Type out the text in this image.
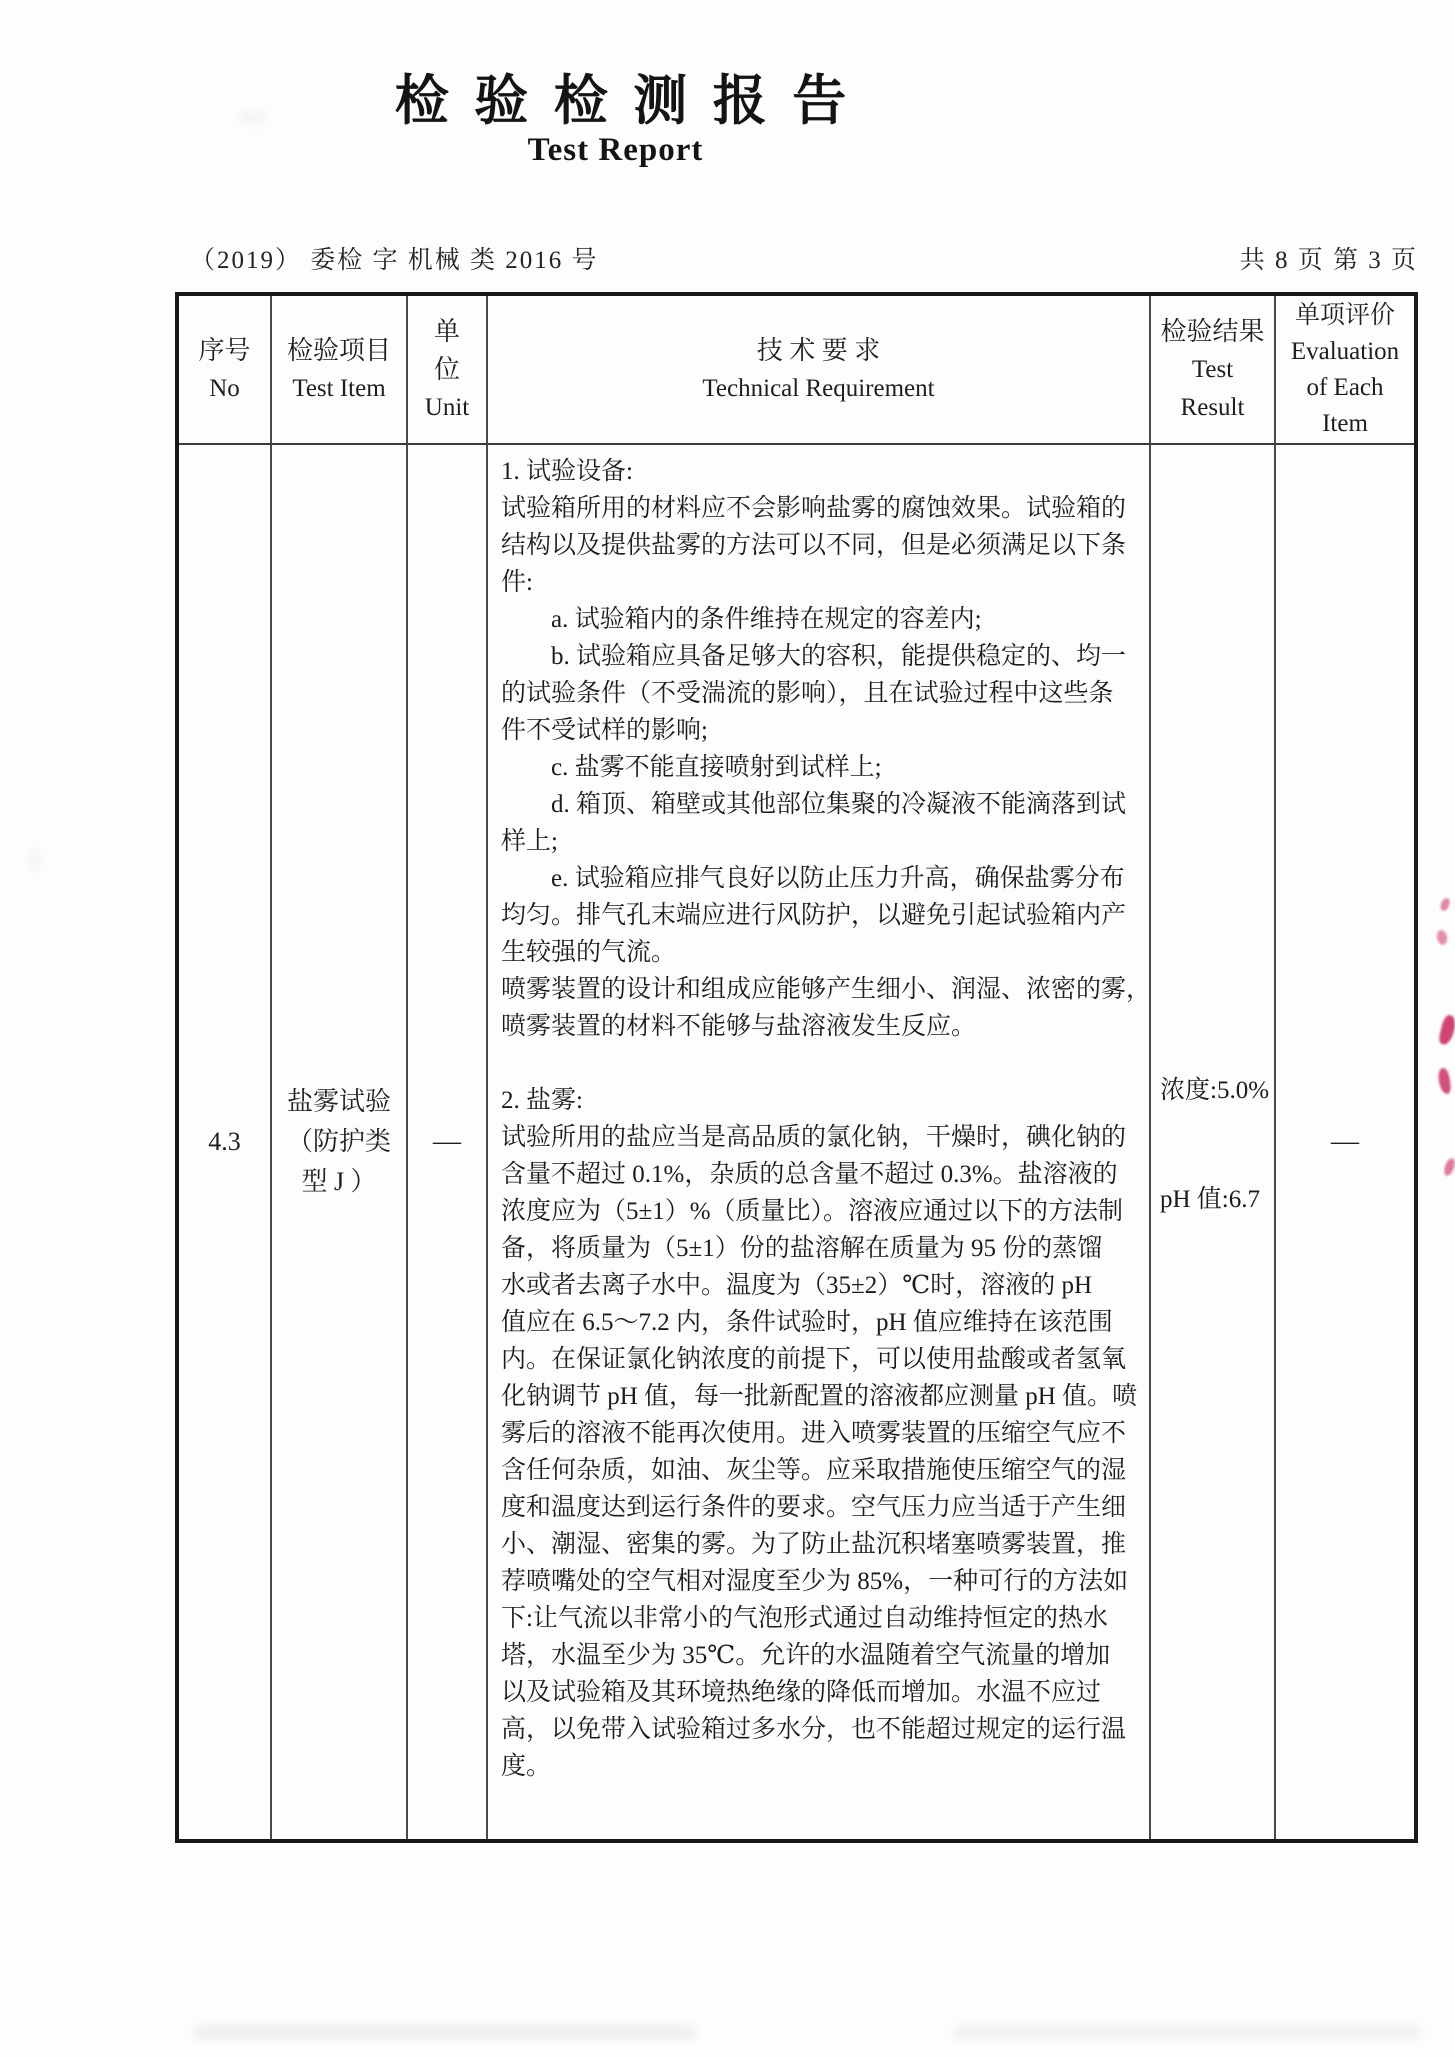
检 验 检 测 报 告
Test Report
（2019） 委检 字 机械 类 2016 号	共 8 页 第 3 页
序号
No
检验项目
Test Item
单
位
Unit
技 术 要 求
Technical Requirement
检验结果
Test
Result
单项评价
Evaluation
of Each
Item
4.3
盐雾试验
（防护类
型 J ）
—
1. 试验设备:
试验箱所用的材料应不会影响盐雾的腐蚀效果。试验箱的
结构以及提供盐雾的方法可以不同，但是必须满足以下条
件:
　　a. 试验箱内的条件维持在规定的容差内;
　　b. 试验箱应具备足够大的容积，能提供稳定的、均一
的试验条件（不受湍流的影响），且在试验过程中这些条
件不受试样的影响;
　　c. 盐雾不能直接喷射到试样上;
　　d. 箱顶、箱壁或其他部位集聚的冷凝液不能滴落到试
样上;
　　e. 试验箱应排气良好以防止压力升高，确保盐雾分布
均匀。排气孔末端应进行风防护，以避免引起试验箱内产
生较强的气流。
喷雾装置的设计和组成应能够产生细小、润湿、浓密的雾，
喷雾装置的材料不能够与盐溶液发生反应。
2. 盐雾:
试验所用的盐应当是高品质的氯化钠，干燥时，碘化钠的
含量不超过 0.1%，杂质的总含量不超过 0.3%。盐溶液的
浓度应为（5±1）%（质量比）。溶液应通过以下的方法制
备，将质量为（5±1）份的盐溶解在质量为 95 份的蒸馏
水或者去离子水中。温度为（35±2）℃时，溶液的 pH
值应在 6.5～7.2 内，条件试验时，pH 值应维持在该范围
内。在保证氯化钠浓度的前提下，可以使用盐酸或者氢氧
化钠调节 pH 值，每一批新配置的溶液都应测量 pH 值。喷
雾后的溶液不能再次使用。进入喷雾装置的压缩空气应不
含任何杂质，如油、灰尘等。应采取措施使压缩空气的湿
度和温度达到运行条件的要求。空气压力应当适于产生细
小、潮湿、密集的雾。为了防止盐沉积堵塞喷雾装置，推
荐喷嘴处的空气相对湿度至少为 85%，一种可行的方法如
下:让气流以非常小的气泡形式通过自动维持恒定的热水
塔，水温至少为 35℃。允许的水温随着空气流量的增加
以及试验箱及其环境热绝缘的降低而增加。水温不应过
高，以免带入试验箱过多水分，也不能超过规定的运行温
度。
浓度:5.0%
pH 值:6.7
—
